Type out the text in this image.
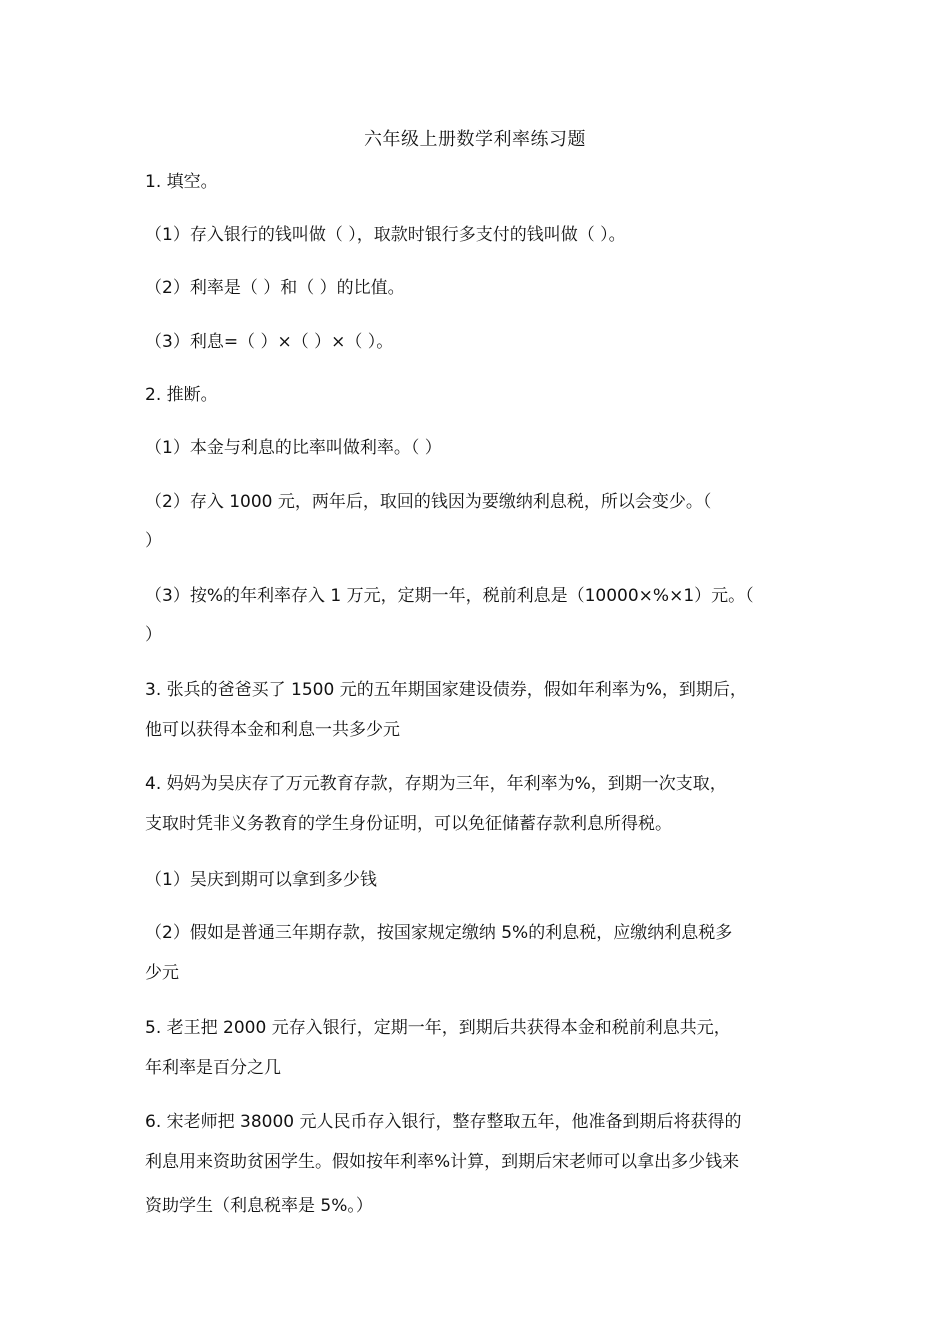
六年级上册数学利率练习题
1. 填空。
（1）存入银行的钱叫做（ ），取款时银行多支付的钱叫做（ ）。
（2）利率是（ ）和（ ）的比值。
（3）利息=（ ）×（ ）×（ ）。
2. 推断。
（1）本金与利息的比率叫做利率。（ ）
（2）存入 1000 元，两年后，取回的钱因为要缴纳利息税，所以会变少。（
）
（3）按%的年利率存入 1 万元，定期一年，税前利息是（10000×%×1）元。（
）
3. 张兵的爸爸买了 1500 元的五年期国家建设债券，假如年利率为%，到期后，
他可以获得本金和利息一共多少元
4. 妈妈为吴庆存了万元教育存款，存期为三年，年利率为%，到期一次支取，
支取时凭非义务教育的学生身份证明，可以免征储蓄存款利息所得税。
（1）吴庆到期可以拿到多少钱
（2）假如是普通三年期存款，按国家规定缴纳 5%的利息税，应缴纳利息税多
少元
5. 老王把 2000 元存入银行，定期一年，到期后共获得本金和税前利息共元，
年利率是百分之几
6. 宋老师把 38000 元人民币存入银行，整存整取五年，他准备到期后将获得的
利息用来资助贫困学生。假如按年利率%计算，到期后宋老师可以拿出多少钱来
资助学生（利息税率是 5%。）
